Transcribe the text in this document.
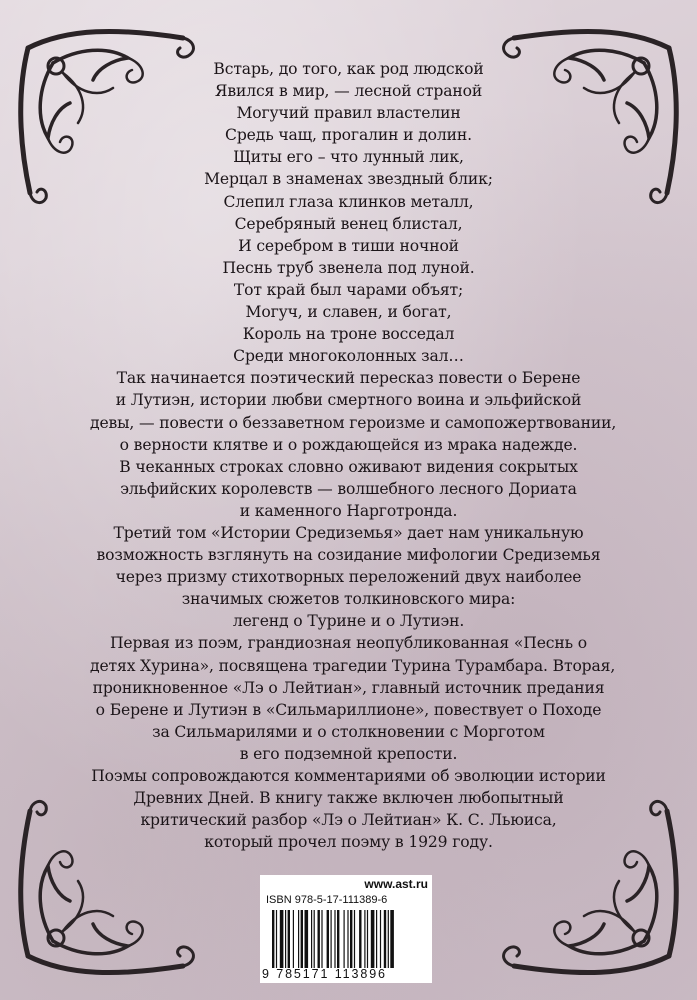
Встарь, до того, как род людской
Явился в мир, — лесной страной
Могучий правил властелин
Средь чащ, прогалин и долин.
Щиты его – что лунный лик,
Мерцал в знаменах звездный блик;
Слепил глаза клинков металл,
Серебряный венец блистал,
И серебром в тиши ночной
Песнь труб звенела под луной.
Тот край был чарами объят;
Могуч, и славен, и богат,
Король на троне восседал
Среди многоколонных зал…
Так начинается поэтический пересказ повести о Берене
и Лутиэн, истории любви смертного воина и эльфийской
девы, — повести о беззаветном героизме и самопожертвовании,
о верности клятве и о рождающейся из мрака надежде.
В чеканных строках словно оживают видения сокрытых
эльфийских королевств — волшебного лесного Дориата
и каменного Нарготронда.
Третий том «Истории Средиземья» дает нам уникальную
возможность взглянуть на созидание мифологии Средиземья
через призму стихотворных переложений двух наиболее
значимых сюжетов толкиновского мира:
легенд о Турине и о Лутиэн.
Первая из поэм, грандиозная неопубликованная «Песнь о
детях Хурина», посвящена трагедии Турина Турамбара. Вторая,
проникновенное «Лэ о Лейтиан», главный источник предания
о Берене и Лутиэн в «Сильмариллионе», повествует о Походе
за Сильмарилями и о столкновении с Морготом
в его подземной крепости.
Поэмы сопровождаются комментариями об эволюции истории
Древних Дней. В книгу также включен любопытный
критический разбор «Лэ о Лейтиан» К. С. Льюиса,
который прочел поэму в 1929 году.
www.ast.ru
ISBN 978-5-17-111389-6
9 785171 113896
